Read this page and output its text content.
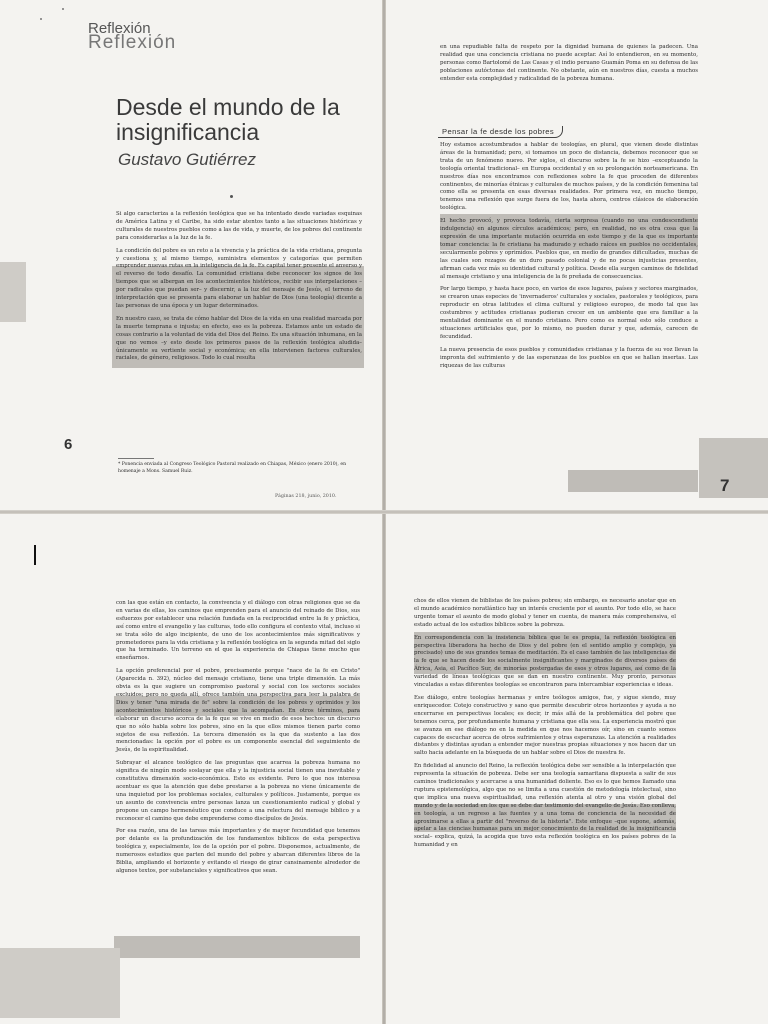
Reflexión
Reflexión
Desde el mundo de la insignificancia
Gustavo Gutiérrez

Si algo caracteriza a la reflexión teológica que se ha intentado desde variadas esquinas de América Latina y el Caribe, ha sido estar atentos tanto a las situaciones históricas y culturales de nuestros pueblos como a las de vida, y muerte, de los pobres del continente para considerarlas a la luz de la fe.

La condición del pobre es un reto a la vivencia y la práctica de la vida cristiana, pregunta y cuestiona y, al mismo tiempo, suministra elementos y categorías que permiten emprender nuevas rutas en la inteligencia de la fe. Es capital tener presente el anverso y el reverso de todo desafío. La comunidad cristiana debe reconocer los signos de los tiempos que se albergan en los acontecimientos históricos, recibir sus interpelaciones –por radicales que puedan ser– y discernir, a la luz del mensaje de Jesús, el terreno de interpretación que se presenta para elaborar un hablar de Dios (una teología) dicente a las personas de una época y un lugar determinados.

En nuestro caso, se trata de cómo hablar del Dios de la vida en una realidad marcada por la muerte temprana e injusta; en efecto, eso es la pobreza. Estamos ante un estado de cosas contrario a la voluntad de vida del Dios del Reino. Es una situación inhumana, en la que no vemos –y esto desde los primeros pasos de la reflexión teológica aludida– únicamente su vertiente social y económica; en ella intervienen factores culturales, raciales, de género, religiosos. Todo lo cual resulta

* Ponencia enviada al Congreso Teológico Pastoral realizado en Chiapas, México (enero 2010), en homenaje a Mons. Samuel Ruiz.
Páginas 218, junio, 2010.
6

en una repudiable falta de respeto por la dignidad humana de quienes la padecen. Una realidad que una conciencia cristiana no puede aceptar. Así lo entendieron, en su momento, personas como Bartolomé de Las Casas y el indio peruano Guamán Poma en su defensa de las poblaciones autóctonas del continente. No obstante, aún en nuestros días, cuesta a muchos entender esta complejidad y radicalidad de la pobreza humana.

Hoy estamos acostumbrados a hablar de teologías, en plural, que vienen desde distintas áreas de la humanidad; pero, si tomamos un poco de distancia, debemos reconocer que se trata de un fenómeno nuevo. Por siglos, el discurso sobre la fe se hizo –exceptuando la teología oriental tradicional– en Europa occidental y en su prolongación norteamericana. En nuestros días nos encontramos con reflexiones sobre la fe que proceden de diferentes continentes, de minorías étnicas y culturales de muchos países, y de la condición femenina tal como ella se presenta en esas diversas realidades. Por primera vez, en mucho tiempo, tenemos una reflexión que surge fuera de los, hasta ahora, centros clásicos de elaboración teológica.

El hecho provocó, y provoca todavía, cierta sorpresa (cuando no una condescendiente indulgencia) en algunos círculos académicos; pero, en realidad, no es otra cosa que la expresión de una importante mutación ocurrida en este tiempo y de la que es importante tomar conciencia: la fe cristiana ha madurado y echado raíces en pueblos no occidentales, secularmente pobres y oprimidos. Pueblos que, en medio de grandes dificultades, muchas de las cuales son rezagos de un duro pasado colonial y de no pocas injusticias presentes, afirman cada vez más su identidad cultural y política. Desde ella surgen caminos de fidelidad al mensaje cristiano y una inteligencia de la fe preñada de consecuencias.

Por largo tiempo, y hasta hace poco, en varios de esos lugares, países y sectores marginados, se crearon unas especies de 'invernaderos' culturales y sociales, pastorales y teológicos, para reproducir en otras latitudes el clima cultural y religioso europeo, de modo tal que las costumbres y actitudes cristianas pudieran crecer en un ambiente que era familiar a la mentalidad dominante en el mundo cristiano. Pero como es normal esto sólo conduce a situaciones artificiales que, por lo mismo, no pueden durar y que, además, carecen de fecundidad.

La nueva presencia de esos pueblos y comunidades cristianas y la fuerza de su voz llevan la impronta del sufrimiento y de las esperanzas de los pueblos en que se hallan insertas. Las riquezas de las culturas

7
Pensar la fe desde los pobres

con las que están en contacto, la convivencia y el diálogo con otras religiones que se da en varias de ellas, los caminos que emprenden para el anuncio del reinado de Dios, sus esfuerzos por establecer una relación fundada en la reciprocidad entre la fe y práctica, así como entre el evangelio y las culturas, todo ello configura el contexto vital, incluso si se trata sólo de algo incipiente, de uno de los acontecimientos más significativos y prometedores para la vida cristiana y la reflexión teológica en la segunda mitad del siglo que ha terminado. Un terreno en el que la experiencia de Chiapas tiene mucho que enseñarnos.

La opción preferencial por el pobre, precisamente porque "nace de la fe en Cristo" (Aparecida n. 392), núcleo del mensaje cristiano, tiene una triple dimensión. La más obvia es la que sugiere un compromiso pastoral y social con los sectores sociales excluidos; pero no queda allí, ofrece también una perspectiva para leer la palabra de Dios y tener "una mirada de fe" sobre la condición de los pobres y oprimidos y los acontecimientos históricos y sociales que la acompañan. En otros términos, para elaborar un discurso acorca de la fe que se vive en medio de esos hechos: un discurso que no sólo habla sobre los pobres, sino en la que ellos mismos tienen parte como sujetos de esa reflexión. La tercera dimensión es la que da sustento a las dos mencionadas: la opción por el pobre es un componente esencial del seguimiento de Jesús, de la espiritualidad.

Subrayar el alcance teológico de las preguntas que acarrea la pobreza humana no significa de ningún modo soslayar que ella y la injusticia social tienen una inevitable y constitutiva dimensión socio-económica. Esto es evidente. Pero lo que nos interesa acentuar es que la atención que debe prestarse a la pobreza no viene únicamente de una inquietud por los problemas sociales, culturales y políticos. Justamente, porque es un asunto de convivencia entre personas lanza un cuestionamiento radical y global y propone un campo hermenéutico que conduce a una relectura del mensaje bíblico y a reconocer el camino que debe emprenderse como discípulos de Jesús.

Por esa razón, una de las tareas más importantes y de mayor fecundidad que tenemos por delante es la profundización de los fundamentos bíblicos de esta perspectiva teológica y, especialmente, los de la opción por el pobre. Disponemos, actualmente, de numerosos estudios que parten del mundo del pobre y abarcan diferentes libros de la Biblia, ampliando el horizonte y evitando el riesgo de girar cansinamente alrededor de algunos textos, por substanciales y significativos que sean.

chos de ellos vienen de biblistas de los países pobres; sin embargo, es necesario anotar que en el mundo académico noratlántico hay un interés creciente por el asunto. Por todo ello, se hace urgente tomar el asunto de modo global y tener en cuenta, de manera más comprehensiva, el estado actual de los estudios bíblicos sobre la pobreza.

En correspondencia con la insistencia bíblica que le es propia, la reflexión teológica en perspectiva liberadora ha hecho de Dios y del pobre (en el sentido amplio y complejo, ya precisado) uno de sus grandes temas de meditación. Es el caso también de las inteligencias de la fe que se hacen desde los socialmente insignificantes y marginados de diversos países de África, Asia, el Pacífico Sur, de minorías postergadas de esos y otros lugares, así como de la variedad de líneas teológicas que se dan en nuestro continente. Muy pronto, personas vinculadas a estas diferentes teologías se encontraron para intercambiar experiencias e ideas.

Ese diálogo, entre teologías hermanas y entre teólogos amigos, fue, y sigue siendo, muy enriquecedor. Cotejo constructivo y sano que permite descubrir otros horizontes y ayuda a no encerrarse en perspectivas locales; es decir, ir más allá de la problemática del pobre que tenemos cerca, por profundamente humana y cristiana que ella sea. La experiencia mostró que se avanza en ese diálogo no en la medida en que nos hacemos oír, sino en cuanto somos capaces de escuchar acerca de otros sufrimientos y otras esperanzas. La atención a realidades distantes y distintas ayudan a entender mejor nuestras propias situaciones y nos hacen dar un salto hacia adelante en la búsqueda de un hablar sobre el Dios de nuestra fe.

En fidelidad al anuncio del Reino, la reflexión teológica debe ser sensible a la interpelación que representa la situación de pobreza. Debe ser una teología samaritana dispuesta a salir de sus caminos tradicionales y acercarse a una humanidad doliente. Eso es lo que hemos llamado una ruptura epistemológica, algo que no se limita a una cuestión de metodología intelectual, sino que implica una nueva espiritualidad, una reflexión atenta al otro y una visión global del mundo y de la sociedad en los que se debe dar testimonio del evangelio de Jesús. Eso conlleva, en teología, a un regreso a las fuentes y a una toma de conciencia de la necesidad de aproximarse a ellas a partir del "reverso de la historia". Este enfoque –que supone, además, apelar a las ciencias humanas para un mejor conocimiento de la realidad de la insignificancia social– explica, quizá, la acogida que tuvo esta reflexión teológica en los países pobres de la humanidad y en
